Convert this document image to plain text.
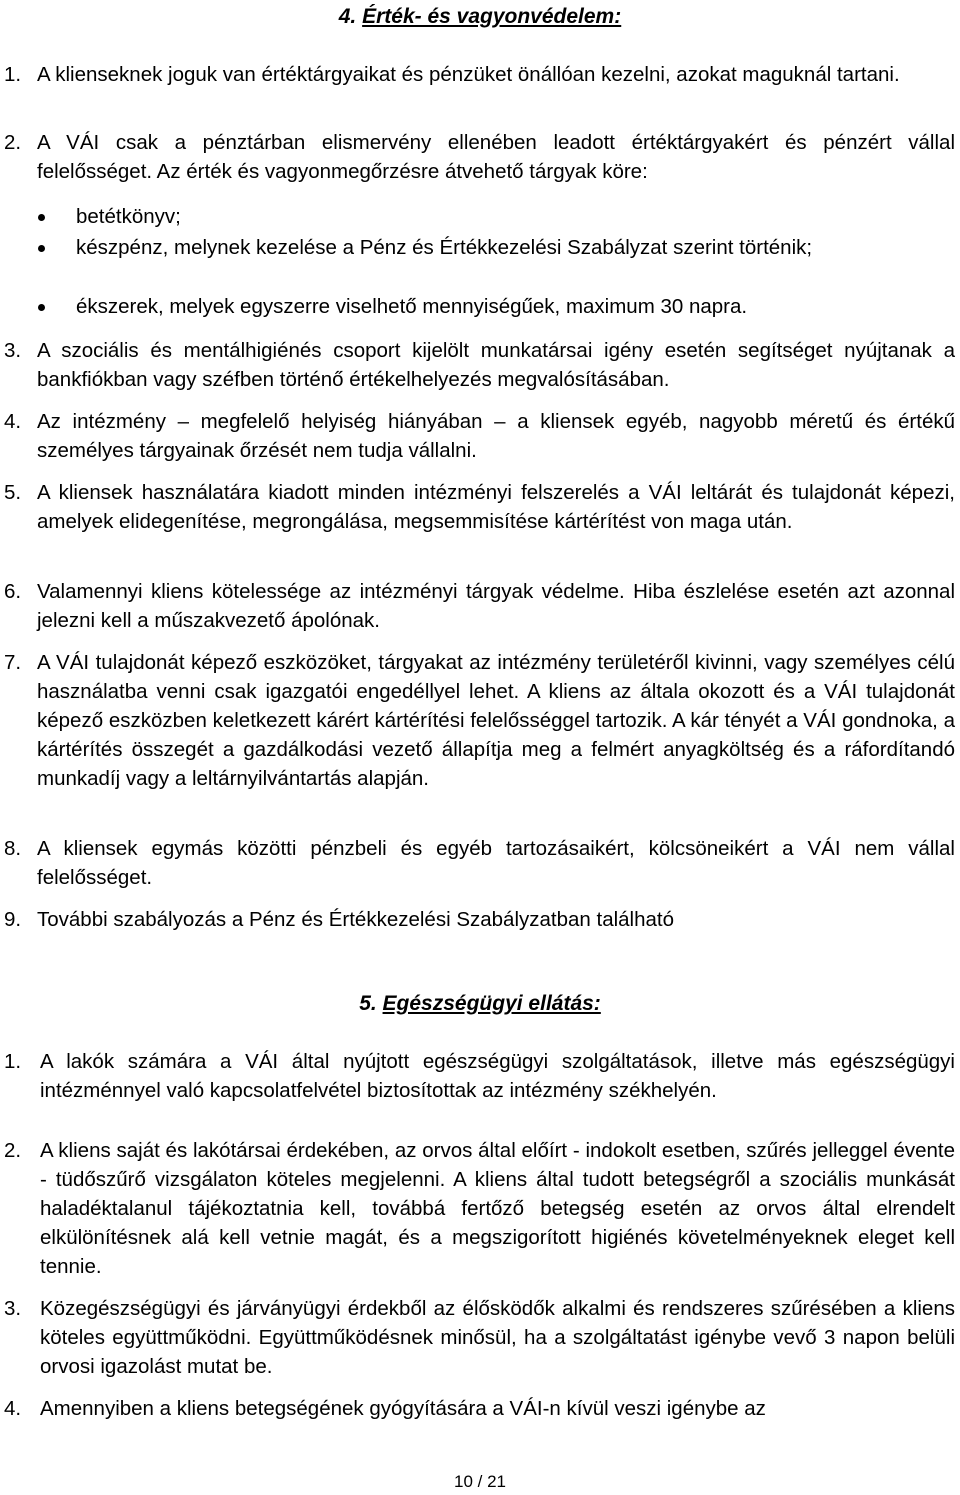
4. Érték- és vagyonvédelem:
1. A klienseknek joguk van értéktárgyaikat és pénzüket önállóan kezelni, azokat maguknál tartani.
2. A VÁI csak a pénztárban elismervény ellenében leadott értéktárgyakért és pénzért vállal felelősséget. Az érték és vagyonmegőrzésre átvehető tárgyak köre:
betétkönyv;
készpénz, melynek kezelése a Pénz és Értékkezelési Szabályzat szerint történik;
ékszerek, melyek egyszerre viselhető mennyiségűek, maximum 30 napra.
3. A szociális és mentálhigiénés csoport kijelölt munkatársai igény esetén segítséget nyújtanak a bankfiókban vagy széfben történő értékelhelyezés megvalósításában.
4. Az intézmény – megfelelő helyiség hiányában – a kliensek egyéb, nagyobb méretű és értékű személyes tárgyainak őrzését nem tudja vállalni.
5. A kliensek használatára kiadott minden intézményi felszerelés a VÁI leltárát és tulajdonát képezi, amelyek elidegenítése, megrongálása, megsemmisítése kártérítést von maga után.
6. Valamennyi kliens kötelessége az intézményi tárgyak védelme. Hiba észlelése esetén azt azonnal jelezni kell a műszakvezető ápolónak.
7. A VÁI tulajdonát képező eszközöket, tárgyakat az intézmény területéről kivinni, vagy személyes célú használatba venni csak igazgatói engedéllyel lehet. A kliens az általa okozott és a VÁI tulajdonát képező eszközben keletkezett kárért kártérítési felelősséggel tartozik. A kár tényét a VÁI gondnoka, a kártérítés összegét a gazdálkodási vezető állapítja meg a felmért anyagköltség és a ráfordítandó munkadíj vagy a leltárnyilvántartás alapján.
8. A kliensek egymás közötti pénzbeli és egyéb tartozásaikért, kölcsöneikért a VÁI nem vállal felelősséget.
9. További szabályozás a Pénz és Értékkezelési Szabályzatban található
5. Egészségügyi ellátás:
1. A lakók számára a VÁI által nyújtott egészségügyi szolgáltatások, illetve más egészségügyi intézménnyel való kapcsolatfelvétel biztosítottak az intézmény székhelyén.
2. A kliens saját és lakótársai érdekében, az orvos által előírt - indokolt esetben, szűrés jelleggel évente - tüdőszűrő vizsgálaton köteles megjelenni. A kliens által tudott betegségről a szociális munkását haladéktalanul tájékoztatnia kell, továbbá fertőző betegség esetén az orvos által elrendelt elkülönítésnek alá kell vetnie magát, és a megszigorított higiénés követelményeknek eleget kell tennie.
3. Közegészségügyi és járványügyi érdekből az élősködők alkalmi és rendszeres szűrésében a kliens köteles együttműködni. Együttműködésnek minősül, ha a szolgáltatást igénybe vevő 3 napon belüli orvosi igazolást mutat be.
4. Amennyiben a kliens betegségének gyógyítására a VÁI-n kívül veszi igénybe az
10 / 21
